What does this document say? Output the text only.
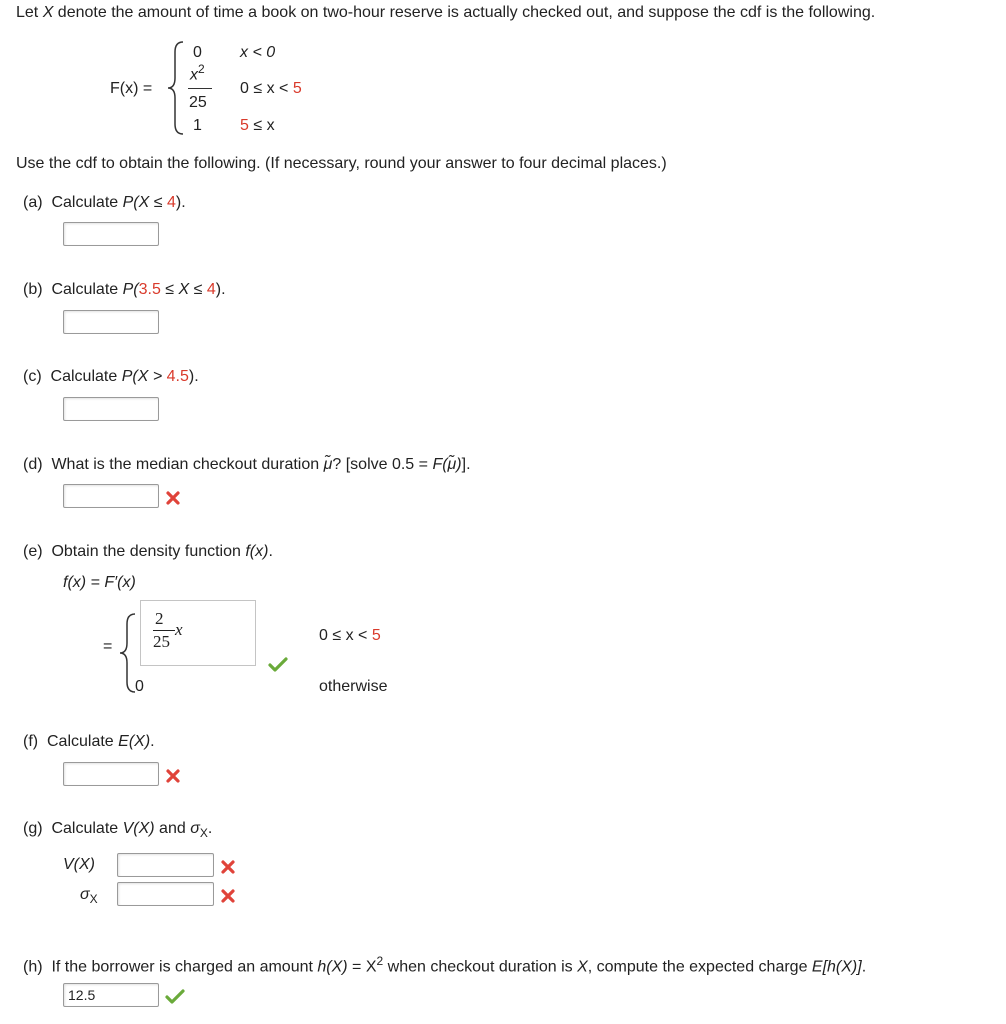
Let X denote the amount of time a book on two-hour reserve is actually checked out, and suppose the cdf is the following.
F(x) =
0 x < 0
$x^2$
25
0 ≤ x < 5
1 5 ≤ x
Use the cdf to obtain the following. (If necessary, round your answer to four decimal places.)
(a) Calculate P(X ≤ 4).
(b) Calculate P(3.5 ≤ X ≤ 4).
(c) Calculate P(X > 4.5).
(d) What is the median checkout duration μ̃? [solve 0.5 = F(μ̃)].
(e) Obtain the density function f(x).
f(x) = F′(x)
=
2
25
x	0 ≤ x < 5
0	otherwise
(f) Calculate E(X).
(g) Calculate V(X) and $\sigma_X$.
V(X)
$\sigma_X$
(h) If the borrower is charged an amount $h(X) = X^2$ when checkout duration is X, compute the expected charge E[h(X)].
12.5
